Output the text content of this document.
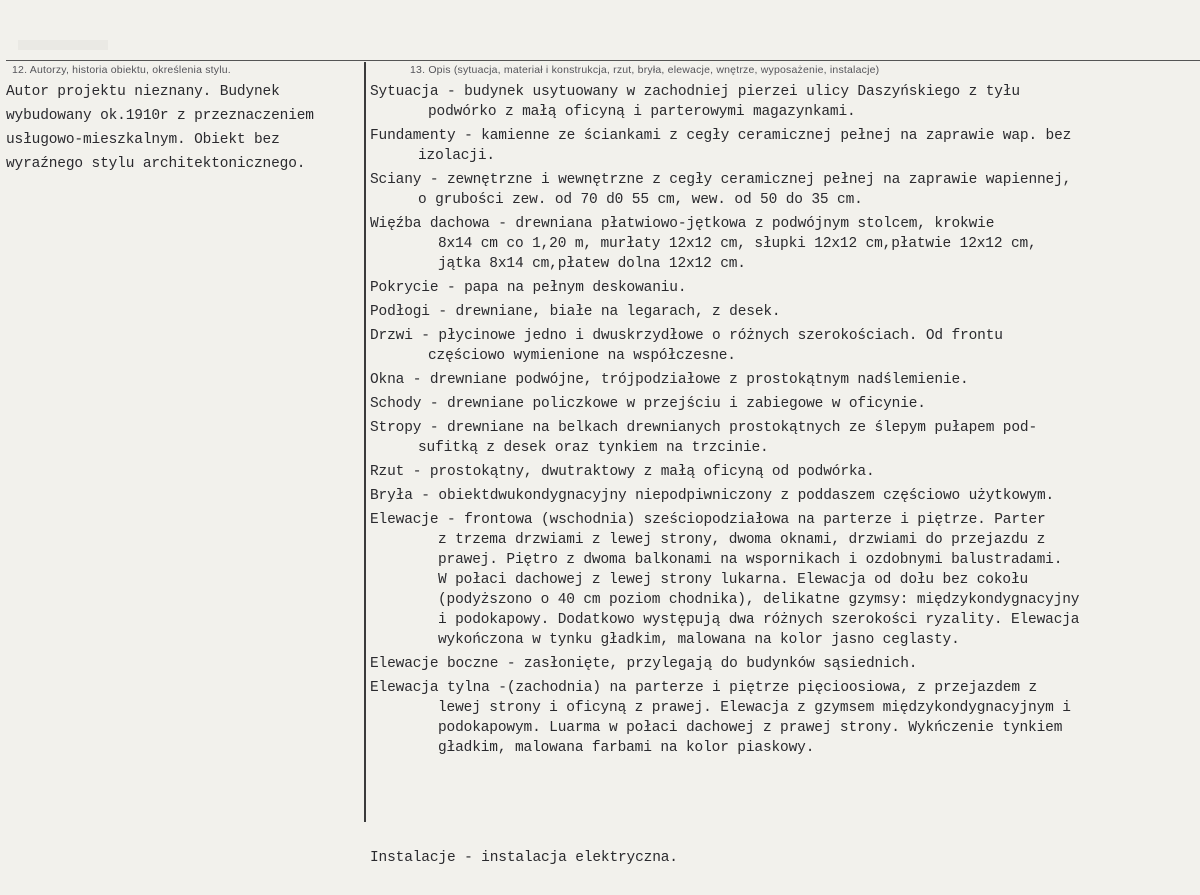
12. Autorzy, historia obiektu, określenia stylu.	13. Opis (sytuacja, materiał i konstrukcja, rzut, bryła, elewacje, wnętrze, wyposażenie, instalacje)
Autor projektu nieznany. Budynek
wybudowany ok.1910r z przeznaczeniem
usługowo-mieszkalnym. Obiekt bez
wyraźnego stylu architektonicznego.
Sytuacja - budynek usytuowany w zachodniej pierzei ulicy Daszyńskiego z tyłu
podwórko z małą oficyną i parterowymi magazynkami.
Fundamenty - kamienne ze ściankami z cegły ceramicznej pełnej na zaprawie wap. bez
izolacji.
Sciany - zewnętrzne i wewnętrzne z cegły ceramicznej pełnej na zaprawie wapiennej,
o grubości zew. od 70 d0 55 cm, wew. od 50 do 35 cm.
Więźba dachowa - drewniana płatwiowo-jętkowa z podwójnym stolcem, krokwie
8x14 cm co 1,20 m, murłaty 12x12 cm, słupki 12x12 cm,płatwie 12x12 cm,
jątka 8x14 cm,płatew dolna 12x12 cm.
Pokrycie - papa na pełnym deskowaniu.
Podłogi - drewniane, białe na legarach, z desek.
Drzwi - płycinowe jedno i dwuskrzydłowe o różnych szerokościach. Od frontu
częściowo wymienione na współczesne.
Okna - drewniane podwójne, trójpodziałowe z prostokątnym nadślemienie.
Schody - drewniane policzkowe w przejściu i zabiegowe w oficynie.
Stropy - drewniane na belkach drewnianych prostokątnych ze ślepym pułapem pod-
sufitką z desek oraz tynkiem na trzcinie.
Rzut - prostokątny, dwutraktowy z małą oficyną od podwórka.
Bryła - obiektdwukondygnacyjny niepodpiwniczony z poddaszem częściowo użytkowym.
Elewacje - frontowa (wschodnia) sześciopodziałowa na parterze i piętrze. Parter
z trzema drzwiami z lewej strony, dwoma oknami, drzwiami do przejazdu z
prawej. Piętro z dwoma balkonami na wspornikach i ozdobnymi balustradami.
W połaci dachowej z lewej strony lukarna. Elewacja od dołu bez cokołu
(podyższono o 40 cm poziom chodnika), delikatne gzymsy: międzykondygnacyjny
i podokapowy. Dodatkowo występują dwa różnych szerokości ryzality. Elewacja
wykończona w tynku gładkim, malowana na kolor jasno ceglasty.
Elewacje boczne - zasłonięte, przylegają do budynków sąsiednich.
Elewacja tylna -(zachodnia) na parterze i piętrze pięcioosiowa, z przejazdem z
lewej strony i oficyną z prawej. Elewacja z gzymsem międzykondygnacyjnym i
podokapowym. Luarma w połaci dachowej z prawej strony. Wykńczenie tynkiem
gładkim, malowana farbami na kolor piaskowy.
Instalacje - instalacja elektryczna.
